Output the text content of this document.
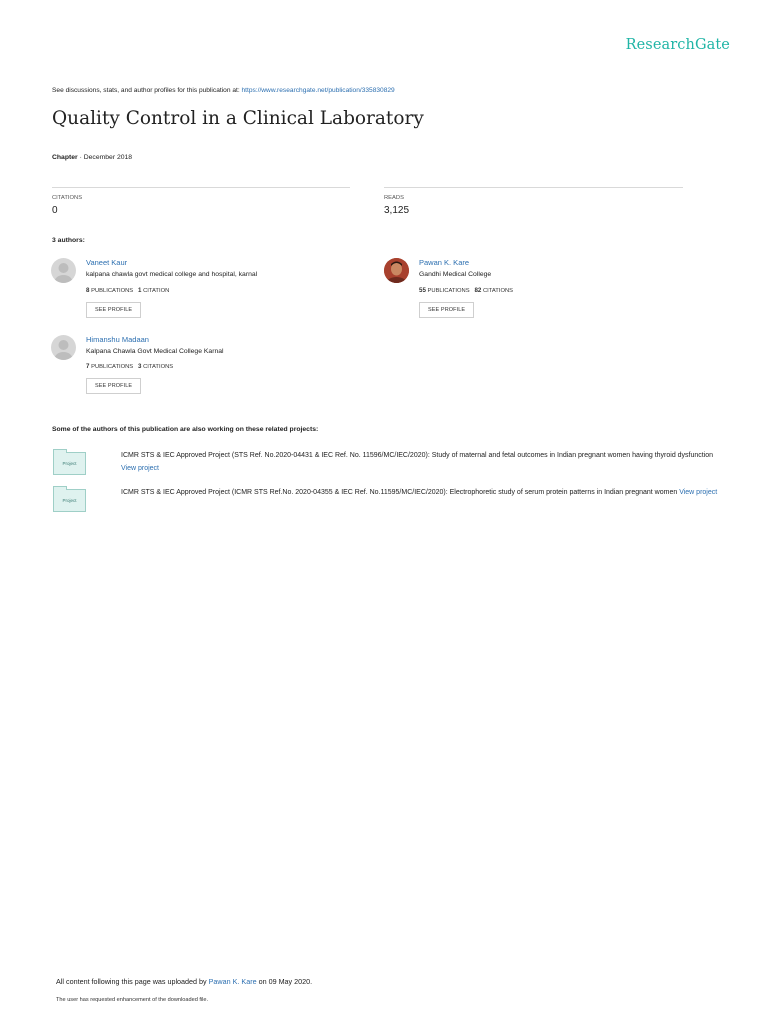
ResearchGate
See discussions, stats, and author profiles for this publication at: https://www.researchgate.net/publication/335830829
Quality Control in a Clinical Laboratory
Chapter · December 2018
CITATIONS
0
READS
3,125
3 authors:
Vaneet Kaur
kalpana chawla govt medical college and hospital, karnal
8 PUBLICATIONS 1 CITATION
SEE PROFILE
Pawan K. Kare
Gandhi Medical College
55 PUBLICATIONS 82 CITATIONS
SEE PROFILE
Himanshu Madaan
Kalpana Chawla Govt Medical College Karnal
7 PUBLICATIONS 3 CITATIONS
SEE PROFILE
Some of the authors of this publication are also working on these related projects:
Project
ICMR STS & IEC Approved Project (STS Ref. No.2020-04431 & IEC Ref. No. 11596/MC/IEC/2020): Study of maternal and fetal outcomes in Indian pregnant women having thyroid dysfunction View project
Project
ICMR STS & IEC Approved Project (ICMR STS Ref.No. 2020-04355 & IEC Ref. No.11595/MC/IEC/2020): Electrophoretic study of serum protein patterns in Indian pregnant women View project
All content following this page was uploaded by Pawan K. Kare on 09 May 2020.
The user has requested enhancement of the downloaded file.
